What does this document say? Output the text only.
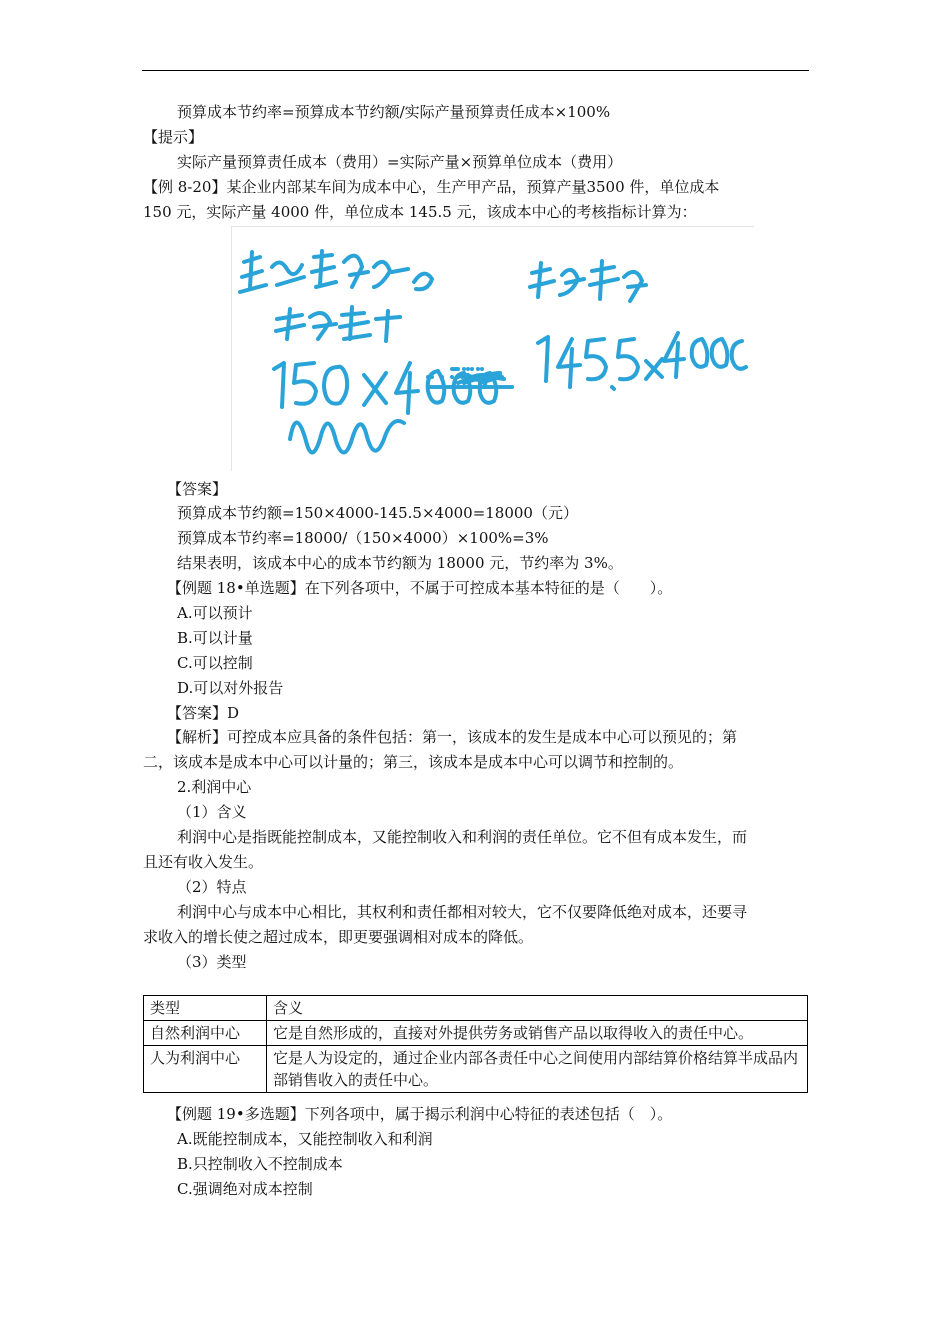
预算成本节约率=预算成本节约额/实际产量预算责任成本×100%
【提示】
实际产量预算责任成本（费用）=实际产量×预算单位成本（费用）
【例 8-20】某企业内部某车间为成本中心，生产甲产品，预算产量3500 件，单位成本
150 元，实际产量 4000 件，单位成本 145.5 元，该成本中心的考核指标计算为：
【答案】
预算成本节约额=150×4000-145.5×4000=18000（元）
预算成本节约率=18000/（150×4000）×100%=3%
结果表明，该成本中心的成本节约额为 18000 元，节约率为 3%。
【例题 18•单选题】在下列各项中，不属于可控成本基本特征的是（　　）。
A.可以预计
B.可以计量
C.可以控制
D.可以对外报告
【答案】D
【解析】可控成本应具备的条件包括：第一，该成本的发生是成本中心可以预见的；第
二，该成本是成本中心可以计量的；第三，该成本是成本中心可以调节和控制的。
2.利润中心
（1）含义
利润中心是指既能控制成本，又能控制收入和利润的责任单位。它不但有成本发生，而
且还有收入发生。
（2）特点
利润中心与成本中心相比，其权利和责任都相对较大，它不仅要降低绝对成本，还要寻
求收入的增长使之超过成本，即更要强调相对成本的降低。
（3）类型
类型	含义
自然利润中心	它是自然形成的，直接对外提供劳务或销售产品以取得收入的责任中心。
人为利润中心	它是人为设定的，通过企业内部各责任中心之间使用内部结算价格结算半成品内部销售收入的责任中心。
【例题 19•多选题】下列各项中，属于揭示利润中心特征的表述包括（　）。
A.既能控制成本，又能控制收入和利润
B.只控制收入不控制成本
C.强调绝对成本控制
